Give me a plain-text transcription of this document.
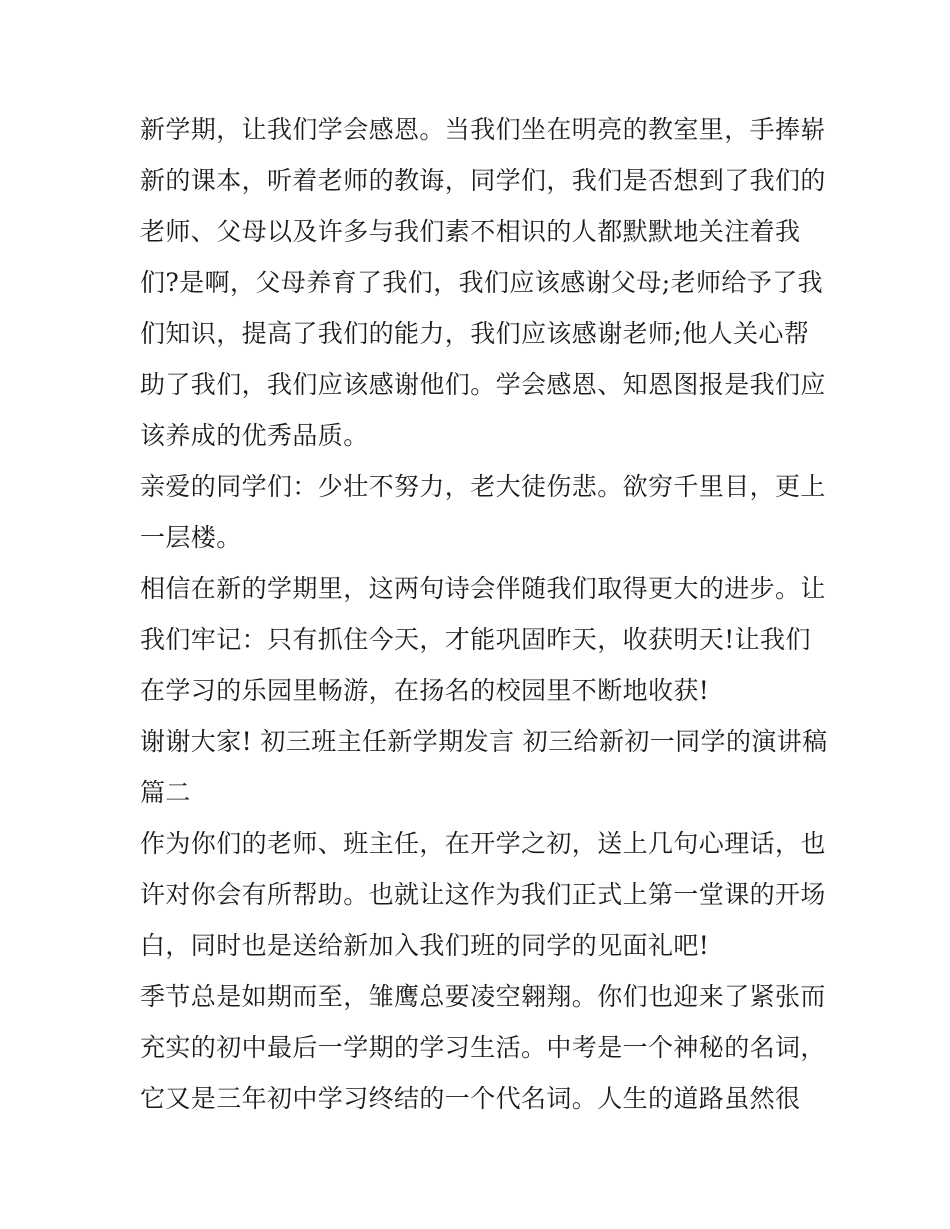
新学期，让我们学会感恩。当我们坐在明亮的教室里，手捧崭
新的课本，听着老师的教诲，同学们，我们是否想到了我们的
老师、父母以及许多与我们素不相识的人都默默地关注着我
们?是啊，父母养育了我们，我们应该感谢父母;老师给予了我
们知识，提高了我们的能力，我们应该感谢老师;他人关心帮
助了我们，我们应该感谢他们。学会感恩、知恩图报是我们应
该养成的优秀品质。
亲爱的同学们：少壮不努力，老大徒伤悲。欲穷千里目，更上
一层楼。
相信在新的学期里，这两句诗会伴随我们取得更大的进步。让
我们牢记：只有抓住今天，才能巩固昨天，收获明天!让我们
在学习的乐园里畅游，在扬名的校园里不断地收获!
谢谢大家! 初三班主任新学期发言 初三给新初一同学的演讲稿
篇二
作为你们的老师、班主任，在开学之初，送上几句心理话，也
许对你会有所帮助。也就让这作为我们正式上第一堂课的开场
白，同时也是送给新加入我们班的同学的见面礼吧!
季节总是如期而至，雏鹰总要凌空翱翔。你们也迎来了紧张而
充实的初中最后一学期的学习生活。中考是一个神秘的名词，
它又是三年初中学习终结的一个代名词。人生的道路虽然很
